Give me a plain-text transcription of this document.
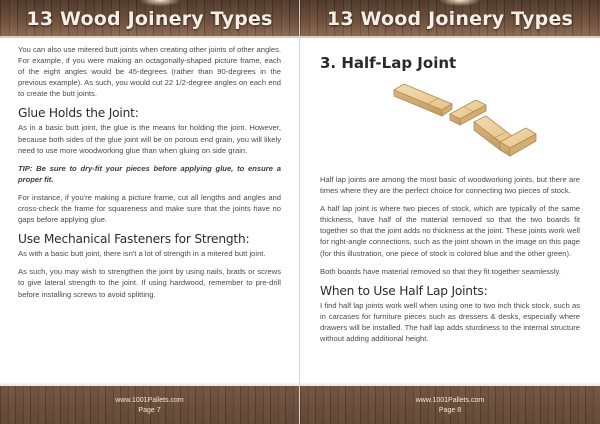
13 Wood Joinery Types

You can also use mitered butt joints when creating other joints of other angles. For example, if you were making an octagonally-shaped picture frame, each of the eight angles would be 45-degrees (rather than 90-degrees in the previous example). As such, you would cut 22 1/2-degree angles on each end to create the butt joints.

Glue Holds the Joint:

As in a basic butt joint, the glue is the means for holding the joint. However, because both sides of the glue joint will be on porous end grain, you will likely need to use more woodworking glue than when gluing on side grain.

TIP: Be sure to dry-fit your pieces before applying glue, to ensure a proper fit.

For instance, if you're making a picture frame, cut all lengths and angles and cross-check the frame for squareness and make sure that the joints have no gaps before applying glue.

Use Mechanical Fasteners for Strength:

As with a basic butt joint, there isn't a lot of strength in a mitered butt joint.

As such, you may wish to strengthen the joint by using nails, brads or screws to give lateral strength to the joint. If using hardwood, remember to pre-drill before installing screws to avoid splitting.

www.1001Pallets.com
Page 7
13 Wood Joinery Types
3. Half-Lap Joint

Half lap joints are among the most basic of woodworking joints, but there are times where they are the perfect choice for connecting two pieces of stock.

A half lap joint is where two pieces of stock, which are typically of the same thickness, have half of the material removed so that the two boards fit together so that the joint adds no thickness at the joint. These joints work well for right-angle connections, such as the joint shown in the image on this page (for this illustration, one piece of stock is colored blue and the other green).

Both boards have material removed so that they fit together seamlessly.

When to Use Half Lap Joints:

I find half lap joints work well when using one to two inch thick stock, such as in carcases for furniture pieces such as dressers & desks, especially where drawers will be installed. The half lap adds sturdiness to the internal structure without adding additional height.

www.1001Pallets.com
Page 8
